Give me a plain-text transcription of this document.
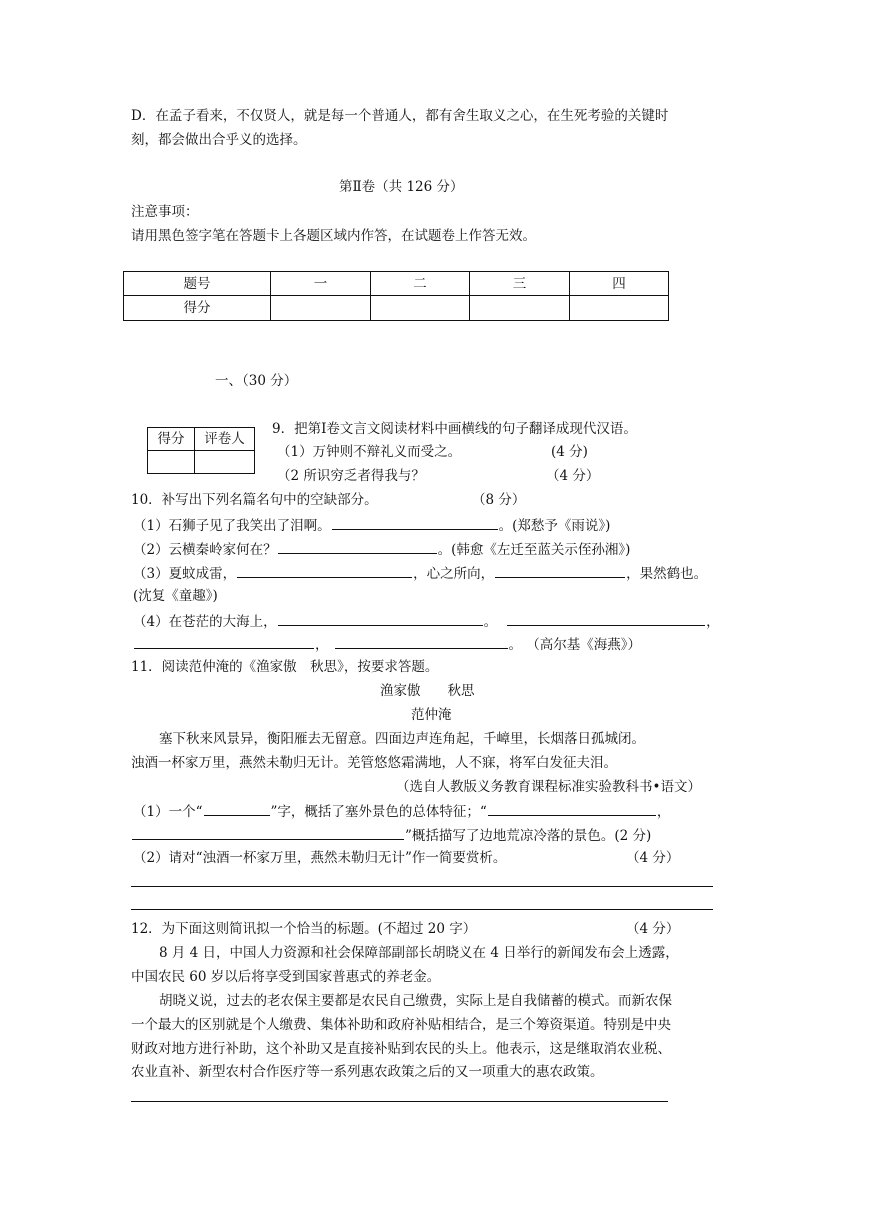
D．在孟子看来，不仅贤人，就是每一个普通人，都有舍生取义之心，在生死考验的关键时
刻，都会做出合乎义的选择。
第Ⅱ卷（共 126 分）
注意事项：
请用黑色签字笔在答题卡上各题区域内作答，在试题卷上作答无效。
题号	一	二	三	四
得分				
一、（30 分）
得分	评卷人

9．把第Ⅰ卷文言文阅读材料中画横线的句子翻译成现代汉语。
（1）万钟则不辩礼义而受之。	(4 分)
（2 所识穷乏者得我与？	（4 分）
10．补写出下列名篇名句中的空缺部分。	（8 分）
（1）石狮子见了我笑出了泪啊。	。(郑愁予《雨说》)
（2）云横秦岭家何在？	。(韩愈《左迁至蓝关示侄孙湘》)
（3）夏蚊成雷，	，心之所向，	，果然鹤也。
(沈复《童趣》)
（4）在苍茫的大海上，	。	，
，	。 （高尔基《海燕》）
11．阅读范仲淹的《渔家傲　秋思》，按要求答题。
渔家傲　　秋思
范仲淹
塞下秋来风景异，衡阳雁去无留意。四面边声连角起，千嶂里，长烟落日孤城闭。
浊酒一杯家万里，燕然未勒归无计。羌管悠悠霜满地，人不寐，将军白发征夫泪。
（选自人教版义务教育课程标准实验教科书•语文）
（1）一个“	”字，概括了塞外景色的总体特征；“	，
”概括描写了边地荒凉冷落的景色。(2 分)
（2）请对“浊酒一杯家万里，燕然未勒归无计”作一简要赏析。	（4 分）
12．为下面这则简讯拟一个恰当的标题。(不超过 20 字）	（4 分）
8 月 4 日，中国人力资源和社会保障部副部长胡晓义在 4 日举行的新闻发布会上透露，
中国农民 60 岁以后将享受到国家普惠式的养老金。
胡晓义说，过去的老农保主要都是农民自己缴费，实际上是自我储蓄的模式。而新农保
一个最大的区别就是个人缴费、集体补助和政府补贴相结合，是三个筹资渠道。特别是中央
财政对地方进行补助，这个补助又是直接补贴到农民的头上。他表示，这是继取消农业税、
农业直补、新型农村合作医疗等一系列惠农政策之后的又一项重大的惠农政策。
